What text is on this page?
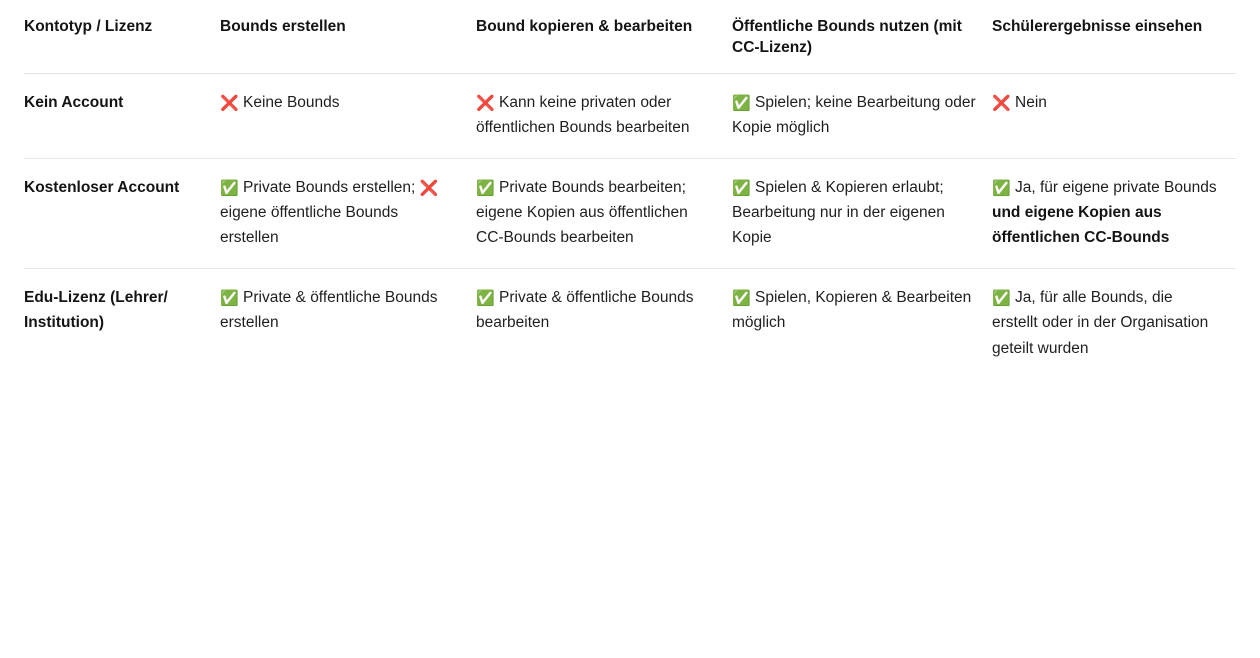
Kontotyp / Lizenz	Bounds erstellen	Bound kopieren & bearbeiten	Öffentliche Bounds nutzen (mit CC-Lizenz)	Schülerergebnisse einsehen
Kein Account	❌Keine Bounds	❌Kann keine privaten oder öffentlichen Bounds bearbeiten	✅ Spielen; keine Bearbeitung oder Kopie möglich	❌ Nein
Kostenloser Account	✅Private Bounds erstellen; ❌ eigene öffentliche Bounds erstellen	✅ Private Bounds bearbeiten; eigene Kopien aus öffentlichen CC-Bounds bearbeiten	✅ Spielen & Kopieren erlaubt; Bearbeitung nur in der eigenen Kopie	✅ Ja, für eigene private Bounds und eigene Kopien aus öffentlichen CC-Bounds
Edu-Lizenz (Lehrer/ Institution)	✅ Private & öffentliche Bounds erstellen	✅ Private & öffentliche Bounds bearbeiten	✅ Spielen, Kopieren & Bearbeiten möglich	✅ Ja, für alle Bounds, die erstellt oder in der Organisation geteilt wurden
